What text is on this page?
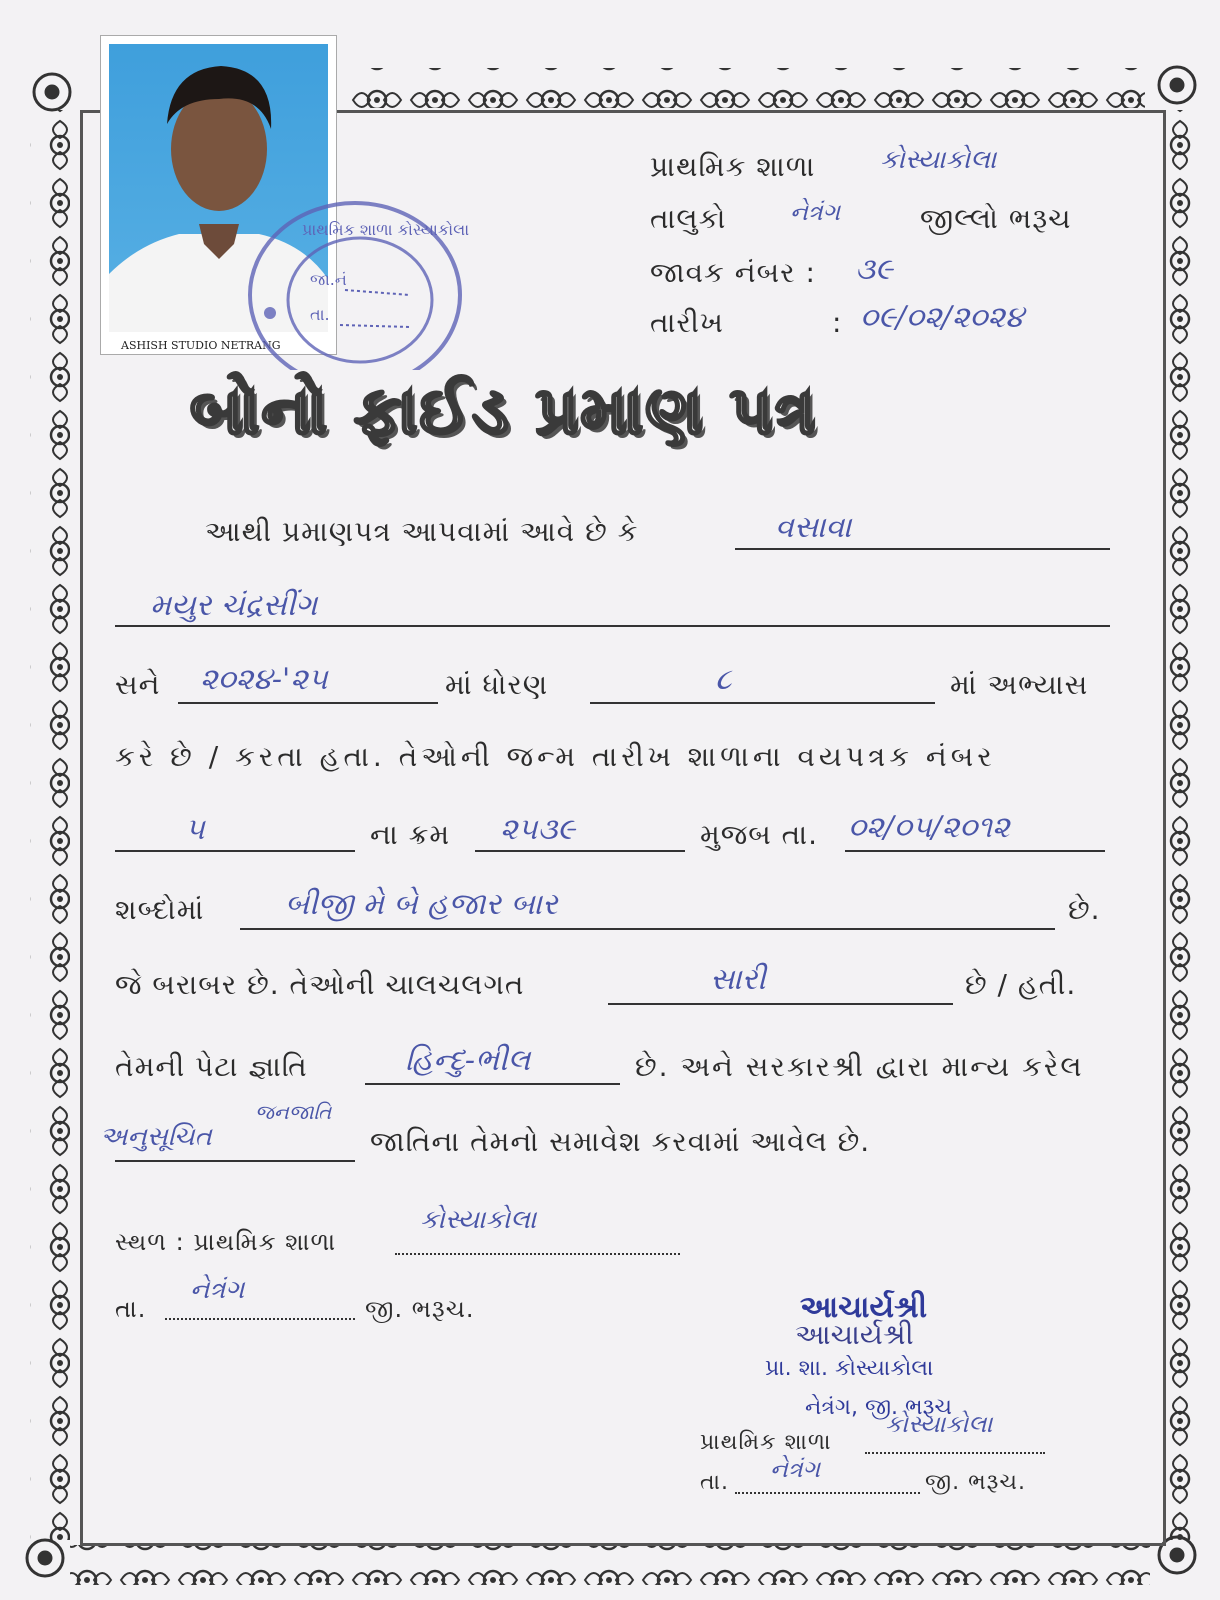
ASHISH STUDIO NETRANG
પ્રાથમિક શાળા કોસ્યાકોલા
જા.નં
તા.
પ્રાથમિક શાળા કોસ્યાકોલા
તાલુકો	નેત્રંગ	જીલ્લો ભરૂચ
જાવક નંબર : ૩૯
તારીખ	: ૦૯/૦૨/૨૦૨૪
બોનો ફાઈડ પ્રમાણ પત્ર
આથી પ્રમાણપત્ર આપવામાં આવે છે કે	વસાવા
મયુર ચંદ્રસીંગ
સને ૨૦૨૪-'૨૫	માં ધોરણ	૮	માં અભ્યાસ
કરે છે / કરતા હતા. તેઓની જન્મ તારીખ શાળાના વયપત્રક નંબર
૫	ના ક્રમ ૨૫૩૯	મુજબ તા. ૦૨/૦૫/૨૦૧૨
શબ્દોમાં	બીજી મે બે હજાર બાર	છે.
જે બરાબર છે. તેઓની ચાલચલગત	સારી	છે / હતી.
તેમની પેટા જ્ઞાતિ	હિન્દુ-ભીલ	છે. અને સરકારશ્રી દ્વારા માન્ય કરેલ
અનુસૂચિત
જનજાતિ
જાતિના તેમનો સમાવેશ કરવામાં આવેલ છે.
સ્થળ : પ્રાથમિક શાળા
કોસ્યાકોલા
તા.
નેત્રંગ
જી. ભરૂચ.	આચાર્યશ્રી
આચાર્યશ્રી
પ્રા. શા. કોસ્યાકોલા
નેત્રંગ, જી. ભરૂચ
પ્રાથમિક શાળા
કોસ્યાકોલા
તા. નેત્રંગ	જી. ભરૂચ.
